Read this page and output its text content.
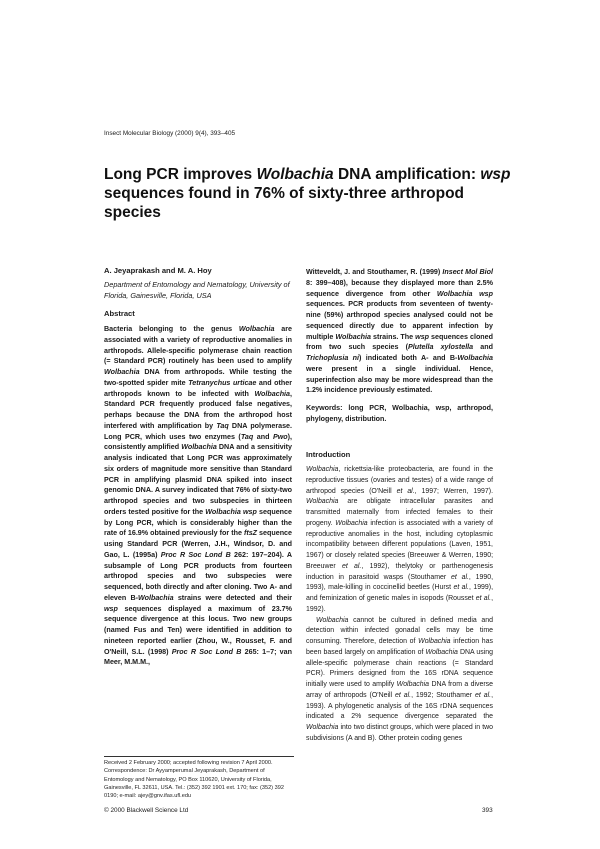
Insect Molecular Biology (2000) 9(4), 393–405
Long PCR improves Wolbachia DNA amplification: wsp sequences found in 76% of sixty-three arthropod species
A. Jeyaprakash and M. A. Hoy
Department of Entomology and Nematology, University of Florida, Gainesville, Florida, USA
Abstract
Bacteria belonging to the genus Wolbachia are associated with a variety of reproductive anomalies in arthropods. Allele-specific polymerase chain reaction (= Standard PCR) routinely has been used to amplify Wolbachia DNA from arthropods. While testing the two-spotted spider mite Tetranychus urticae and other arthropods known to be infected with Wolbachia, Standard PCR frequently produced false negatives, perhaps because the DNA from the arthropod host interfered with amplification by Taq DNA polymerase. Long PCR, which uses two enzymes (Taq and Pwo), consistently amplified Wolbachia DNA and a sensitivity analysis indicated that Long PCR was approximately six orders of magnitude more sensitive than Standard PCR in amplifying plasmid DNA spiked into insect genomic DNA. A survey indicated that 76% of sixty-two arthropod species and two subspecies in thirteen orders tested positive for the Wolbachia wsp sequence by Long PCR, which is considerably higher than the rate of 16.9% obtained previously for the ftsZ sequence using Standard PCR (Werren, J.H., Windsor, D. and Gao, L. (1995a) Proc R Soc Lond B 262: 197–204). A subsample of Long PCR products from fourteen arthropod species and two subspecies were sequenced, both directly and after cloning. Two A- and eleven B-Wolbachia strains were detected and their wsp sequences displayed a maximum of 23.7% sequence divergence at this locus. Two new groups (named Fus and Ten) were identified in addition to nineteen reported earlier (Zhou, W., Rousset, F. and O'Neill, S.L. (1998) Proc R Soc Lond B 265: 1–7; van Meer, M.M.M.,
Witteveldt, J. and Stouthamer, R. (1999) Insect Mol Biol 8: 399–408), because they displayed more than 2.5% sequence divergence from other Wolbachia wsp sequences. PCR products from seventeen of twenty-nine (59%) arthropod species analysed could not be sequenced directly due to apparent infection by multiple Wolbachia strains. The wsp sequences cloned from two such species (Plutella xylostella and Trichoplusia ni) indicated both A- and B-Wolbachia were present in a single individual. Hence, superinfection also may be more widespread than the 1.2% incidence previously estimated.
Keywords: long PCR, Wolbachia, wsp, arthropod, phylogeny, distribution.
Introduction

Wolbachia, rickettsia-like proteobacteria, are found in the reproductive tissues (ovaries and testes) of a wide range of arthropod species (O'Neill et al., 1997; Werren, 1997). Wolbachia are obligate intracellular parasites and transmitted maternally from infected females to their progeny. Wolbachia infection is associated with a variety of reproductive anomalies in the host, including cytoplasmic incompatibility between different populations (Laven, 1951, 1967) or closely related species (Breeuwer & Werren, 1990; Breeuwer et al., 1992), thelytoky or parthenogenesis induction in parasitoid wasps (Stouthamer et al., 1990, 1993), male-killing in coccinellid beetles (Hurst et al., 1999), and feminization of genetic males in isopods (Rousset et al., 1992).

Wolbachia cannot be cultured in defined media and detection within infected gonadal cells may be time consuming. Therefore, detection of Wolbachia infection has been based largely on amplification of Wolbachia DNA using allele-specific polymerase chain reactions (= Standard PCR). Primers designed from the 16S rDNA sequence initially were used to amplify Wolbachia DNA from a diverse array of arthropods (O'Neill et al., 1992; Stouthamer et al., 1993). A phylogenetic analysis of the 16S rDNA sequences indicated a 2% sequence divergence separated the Wolbachia into two distinct groups, which were placed in two subdivisions (A and B). Other protein coding genes

Received 2 February 2000; accepted following revision 7 April 2000. Correspondence: Dr Ayyamperumal Jeyaprakash, Department of Entomology and Nematology, PO Box 110620, University of Florida, Gainesville, FL 32611, USA. Tel.: (352) 392 1901 ext. 170; fax: (352) 392 0190; e-mail: ajey@gnv.ifas.ufl.edu
© 2000 Blackwell Science Ltd	393
